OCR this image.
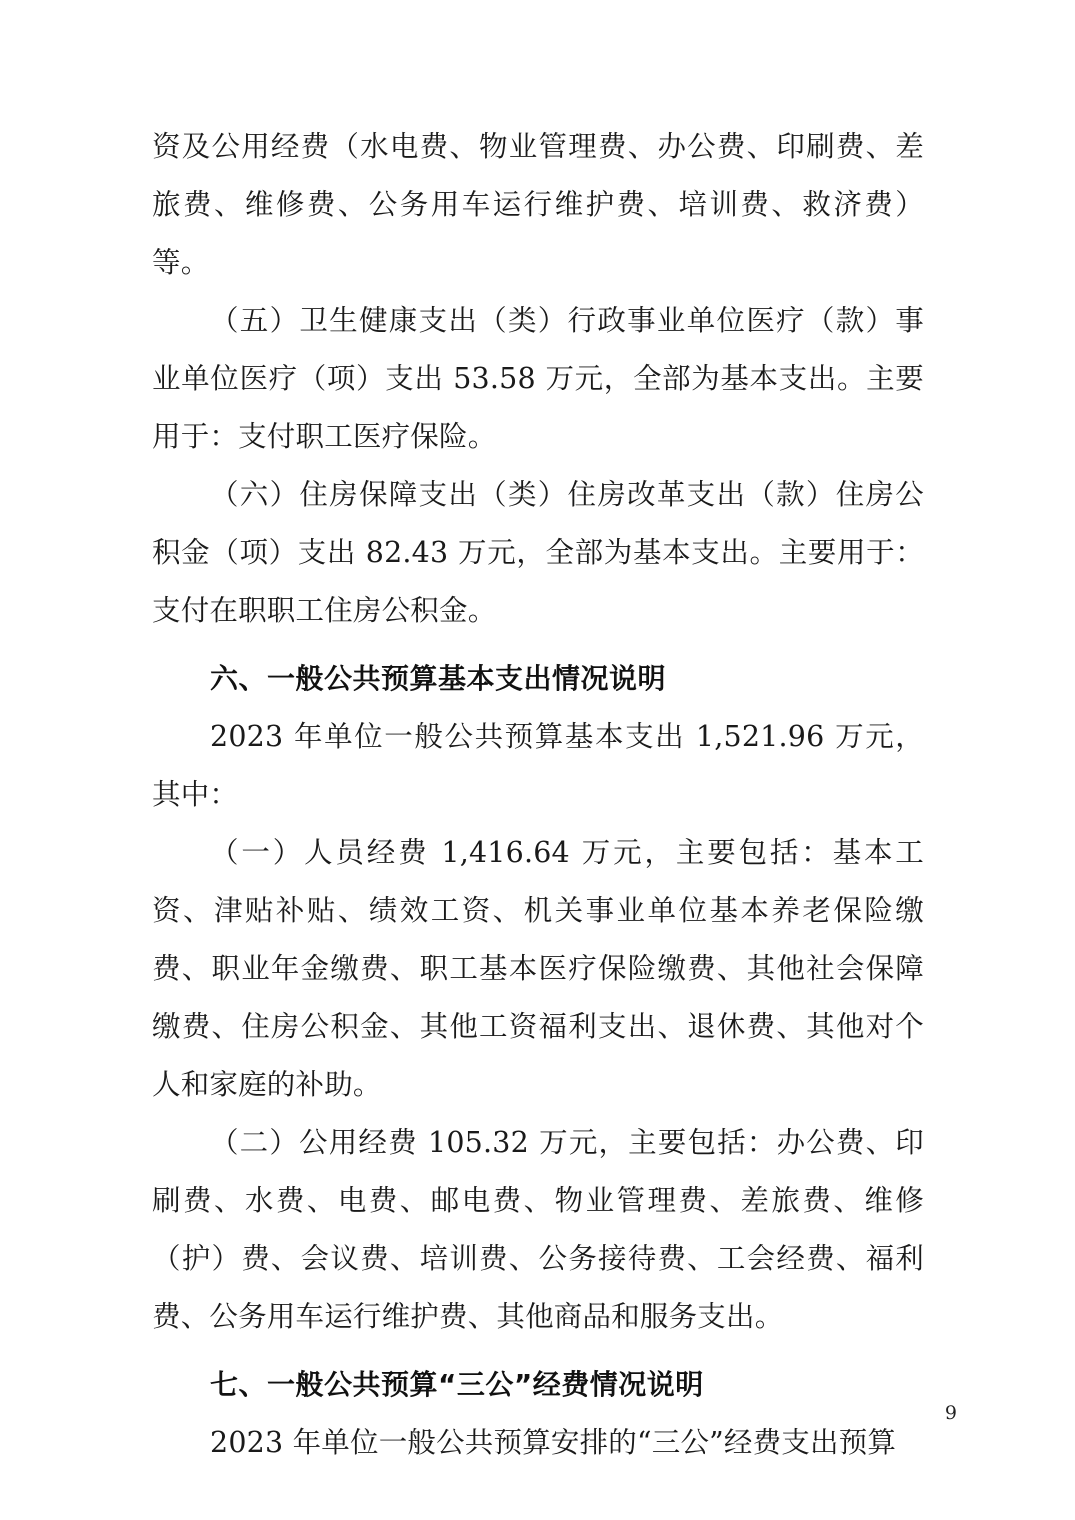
资及公用经费（水电费、物业管理费、办公费、印刷费、差旅费、维修费、公务用车运行维护费、培训费、救济费）等。

（五）卫生健康支出（类）行政事业单位医疗（款）事业单位医疗（项）支出 53.58 万元，全部为基本支出。主要用于：支付职工医疗保险。

（六）住房保障支出（类）住房改革支出（款）住房公积金（项）支出 82.43 万元，全部为基本支出。主要用于：支付在职职工住房公积金。

六、一般公共预算基本支出情况说明

2023 年单位一般公共预算基本支出 1,521.96 万元，其中：

（一）人员经费 1,416.64 万元，主要包括：基本工资、津贴补贴、绩效工资、机关事业单位基本养老保险缴费、职业年金缴费、职工基本医疗保险缴费、其他社会保障缴费、住房公积金、其他工资福利支出、退休费、其他对个人和家庭的补助。

（二）公用经费 105.32 万元，主要包括：办公费、印刷费、水费、电费、邮电费、物业管理费、差旅费、维修（护）费、会议费、培训费、公务接待费、工会经费、福利费、公务用车运行维护费、其他商品和服务支出。

七、一般公共预算“三公”经费情况说明

2023 年单位一般公共预算安排的“三公”经费支出预算

9
